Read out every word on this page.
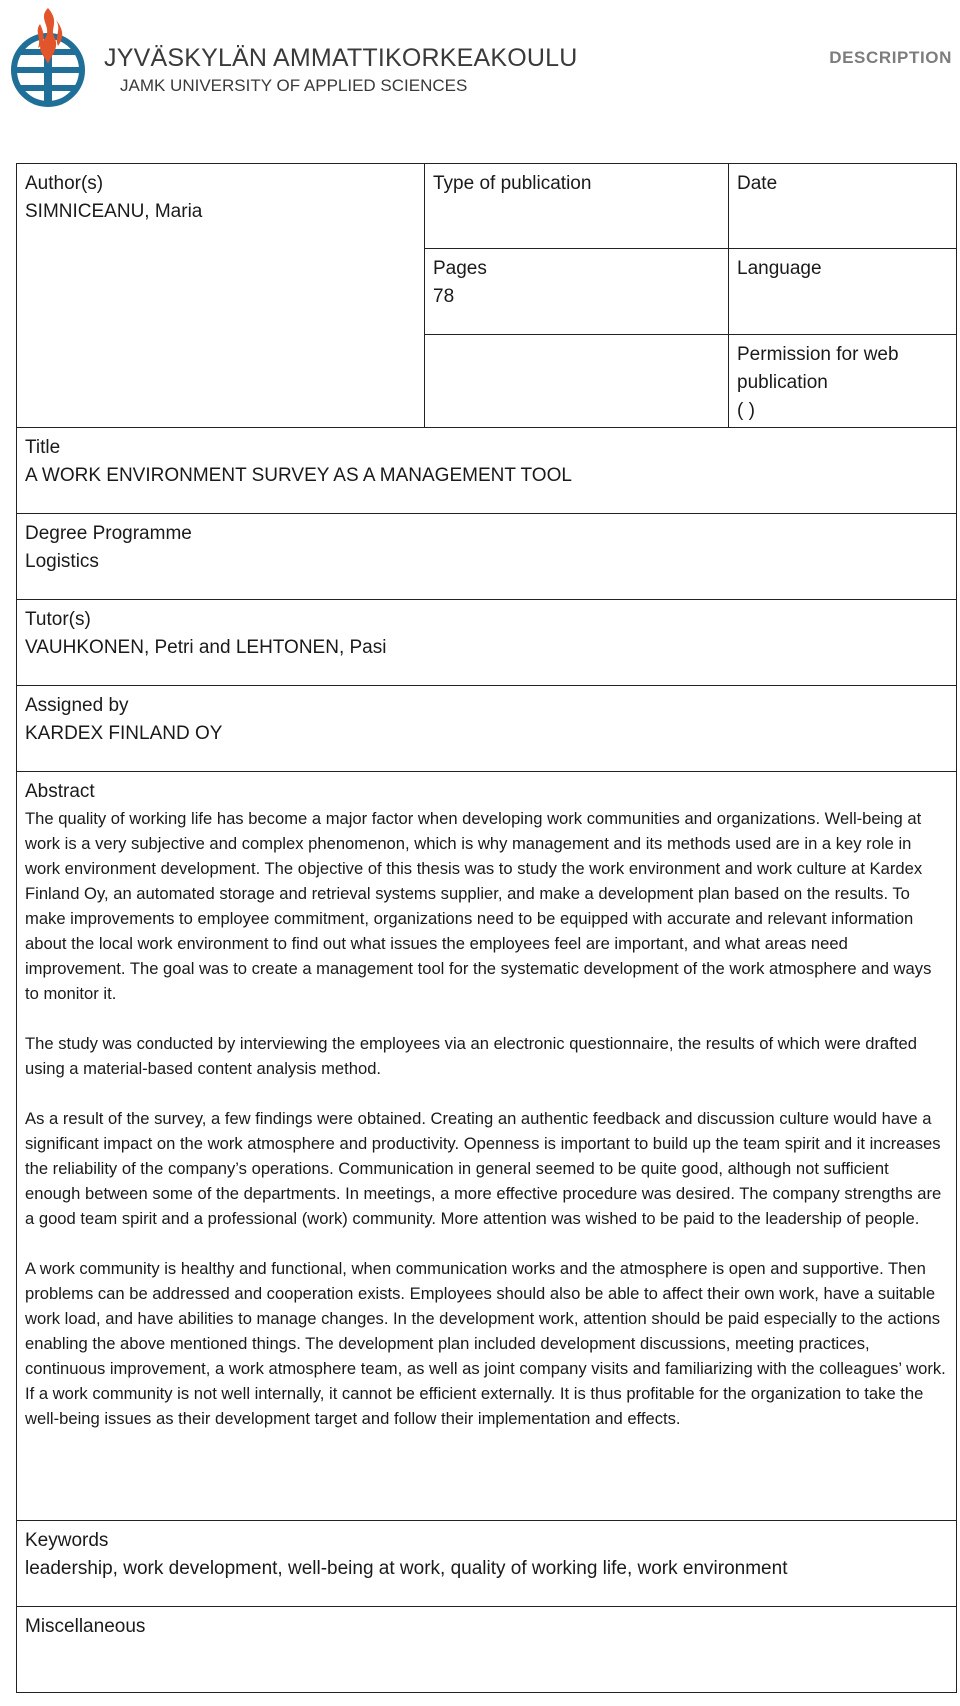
JYVÄSKYLÄN AMMATTIKORKEAKOULU
JAMK UNIVERSITY OF APPLIED SCIENCES
DESCRIPTION
Author(s)
SIMNICEANU, Maria
Type of publication	Date
Pages
78
Language
Permission for web publication
( )
Title
A WORK ENVIRONMENT SURVEY AS A MANAGEMENT TOOL
Degree Programme
Logistics
Tutor(s)
VAUHKONEN, Petri and LEHTONEN, Pasi
Assigned by
KARDEX FINLAND OY
Abstract

The quality of working life has become a major factor when developing work communities and organizations. Well-being at work is a very subjective and complex phenomenon, which is why management and its methods used are in a key role in work environment development. The objective of this thesis was to study the work environment and work culture at Kardex Finland Oy, an automated storage and retrieval systems supplier, and make a development plan based on the results. To make improvements to employee commitment, organizations need to be equipped with accurate and relevant information about the local work environment to find out what issues the employees feel are important, and what areas need improvement. The goal was to create a management tool for the systematic development of the work atmosphere and ways to monitor it.

The study was conducted by interviewing the employees via an electronic questionnaire, the results of which were drafted using a material-based content analysis method.

As a result of the survey, a few findings were obtained. Creating an authentic feedback and discussion culture would have a significant impact on the work atmosphere and productivity. Openness is important to build up the team spirit and it increases the reliability of the company’s operations. Communication in general seemed to be quite good, although not sufficient enough between some of the departments. In meetings, a more effective procedure was desired. The company strengths are a good team spirit and a professional (work) community. More attention was wished to be paid to the leadership of people.

A work community is healthy and functional, when communication works and the atmosphere is open and supportive. Then problems can be addressed and cooperation exists. Employees should also be able to affect their own work, have a suitable work load, and have abilities to manage changes. In the development work, attention should be paid especially to the actions enabling the above mentioned things. The development plan included development discussions, meeting practices, continuous improvement, a work atmosphere team, as well as joint company visits and familiarizing with the colleagues’ work. If a work community is not well internally, it cannot be efficient externally. It is thus profitable for the organization to take the well-being issues as their development target and follow their implementation and effects.

Keywords
leadership, work development, well-being at work, quality of working life, work environment
Miscellaneous
